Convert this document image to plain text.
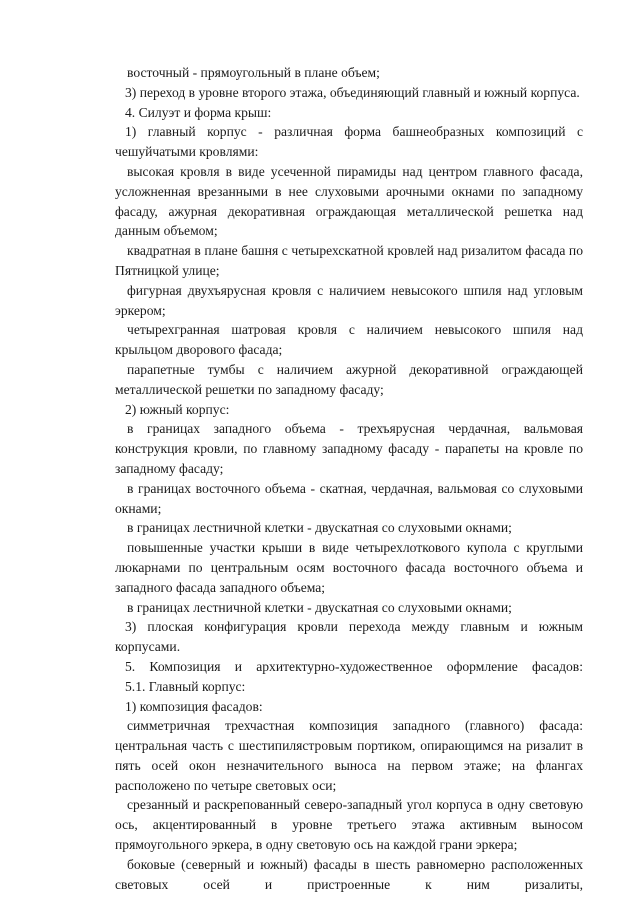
восточный - прямоугольный в плане объем;

3) переход в уровне второго этажа, объединяющий главный и южный корпуса.

4. Силуэт и форма крыш:

1) главный корпус - различная форма башнеобразных композиций с чешуйчатыми кровлями:

высокая кровля в виде усеченной пирамиды над центром главного фасада, усложненная врезанными в нее слуховыми арочными окнами по западному фасаду, ажурная декоративная ограждающая металлической решетка над данным объемом;

квадратная в плане башня с четырехскатной кровлей над ризалитом фасада по Пятницкой улице;

фигурная двухъярусная кровля с наличием невысокого шпиля над угловым эркером;

четырехгранная шатровая кровля с наличием невысокого шпиля над крыльцом дворового фасада;

парапетные тумбы с наличием ажурной декоративной ограждающей металлической решетки по западному фасаду;

2) южный корпус:

в границах западного объема - трехъярусная чердачная, вальмовая конструкция кровли, по главному западному фасаду - парапеты на кровле по западному фасаду;

в границах восточного объема - скатная, чердачная, вальмовая со слуховыми окнами;

в границах лестничной клетки - двускатная со слуховыми окнами;

повышенные участки крыши в виде четырехлоткового купола с круглыми люкарнами по центральным осям восточного фасада восточного объема и западного фасада западного объема;

в границах лестничной клетки - двускатная со слуховыми окнами;

3) плоская конфигурация кровли перехода между главным и южным корпусами.

5. Композиция и архитектурно-художественное оформление фасадов:

5.1. Главный корпус:

1) композиция фасадов:

симметричная трехчастная композиция западного (главного) фасада: центральная часть с шестипилястровым портиком, опирающимся на ризалит в пять осей окон незначительного выноса на первом этаже; на флангах расположено по четыре световых оси;

срезанный и раскрепованный северо-западный угол корпуса в одну световую ось, акцентированный в уровне третьего этажа активным выносом прямоугольного эркера, в одну световую ось на каждой грани эркера;

боковые (северный и южный) фасады в шесть равномерно расположенных световых осей и пристроенные к ним ризалиты,
